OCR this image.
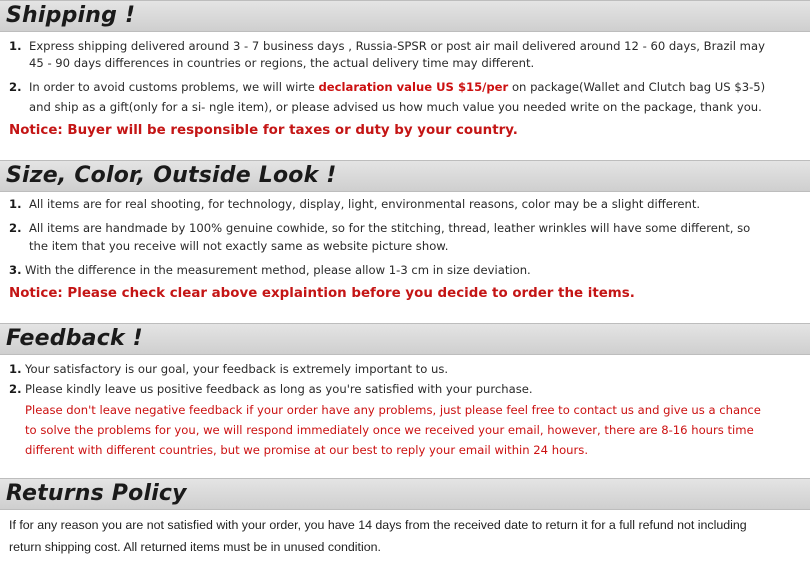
Shipping !
1. Express shipping delivered around 3 - 7 business days , Russia-SPSR or post air mail delivered around 12 - 60 days, Brazil may
45 - 90 days differences in countries or regions, the actual delivery time may different.
2. In order to avoid customs problems, we will wirte declaration value US $15/per on package(Wallet and Clutch bag US $3-5)
and ship as a gift(only for a si- ngle item), or please advised us how much value you needed write on the package, thank you.
Notice: Buyer will be responsible for taxes or duty by your country.
Size, Color, Outside Look !
1. All items are for real shooting, for technology, display, light, environmental reasons, color may be a slight different.
2. All items are handmade by 100% genuine cowhide, so for the stitching, thread, leather wrinkles will have some different, so
the item that you receive will not exactly same as website picture show.
3. With the difference in the measurement method, please allow 1-3 cm in size deviation.
Notice: Please check clear above explaintion before you decide to order the items.
Feedback !
1. Your satisfactory is our goal, your feedback is extremely important to us.
2. Please kindly leave us positive feedback as long as you're satisfied with your purchase.
Please don't leave negative feedback if your order have any problems, just please feel free to contact us and give us a chance
to solve the problems for you, we will respond immediately once we received your email, however, there are 8-16 hours time
different with different countries, but we promise at our best to reply your email within 24 hours.
Returns Policy
If for any reason you are not satisfied with your order, you have 14 days from the received date to return it for a full refund not including
return shipping cost. All returned items must be in unused condition.
